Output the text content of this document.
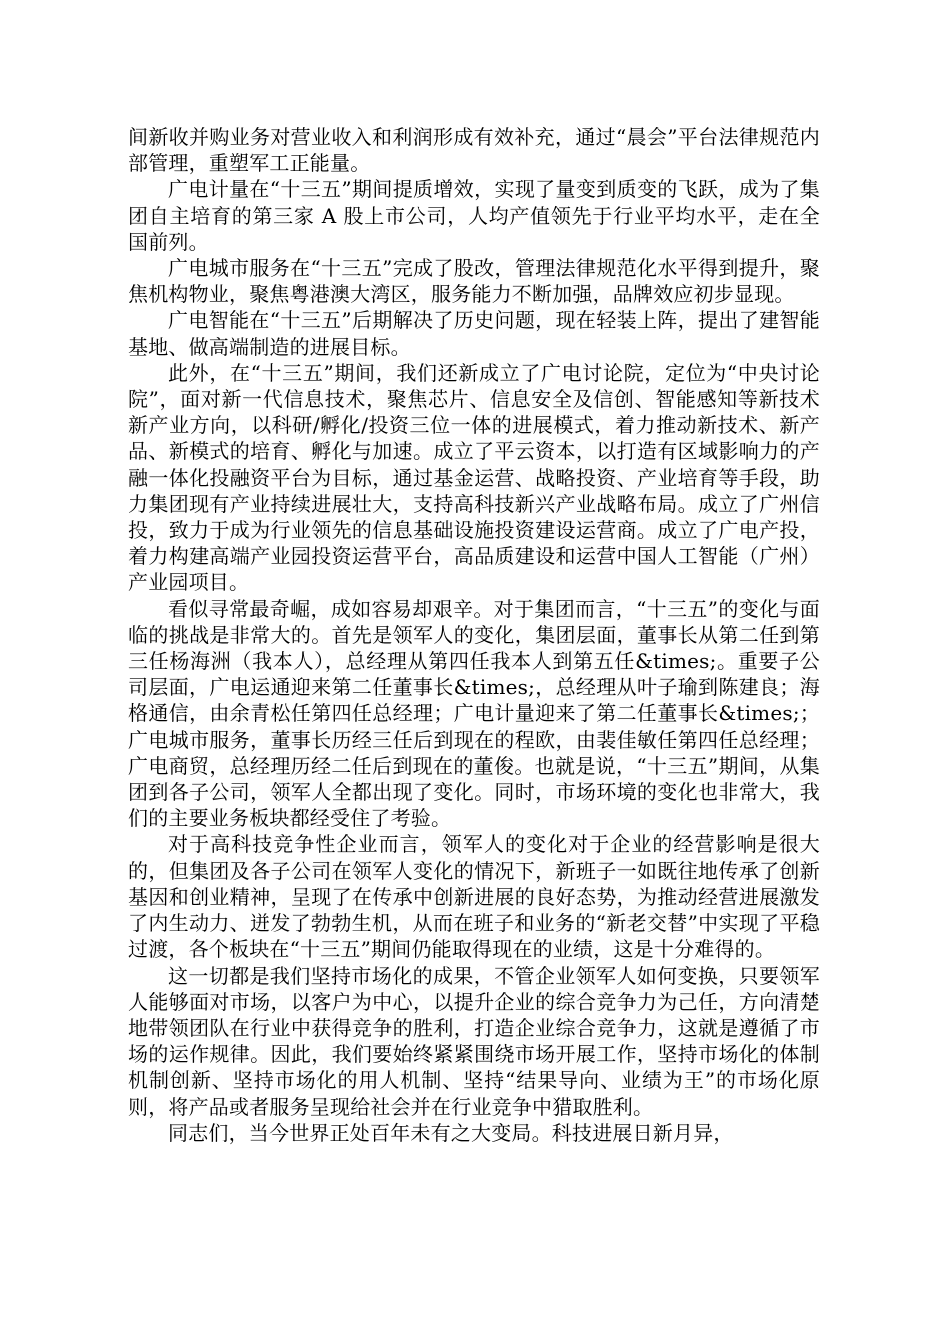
间新收并购业务对营业收入和利润形成有效补充，通过“晨会”平台法律规范内部管理，重塑军工正能量。

广电计量在“十三五”期间提质增效，实现了量变到质变的飞跃，成为了集团自主培育的第三家 A 股上市公司，人均产值领先于行业平均水平，走在全国前列。

广电城市服务在“十三五”完成了股改，管理法律规范化水平得到提升，聚焦机构物业，聚焦粤港澳大湾区，服务能力不断加强，品牌效应初步显现。

广电智能在“十三五”后期解决了历史问题，现在轻装上阵，提出了建智能基地、做高端制造的进展目标。

此外，在“十三五”期间，我们还新成立了广电讨论院，定位为“中央讨论院”，面对新一代信息技术，聚焦芯片、信息安全及信创、智能感知等新技术新产业方向，以科研/孵化/投资三位一体的进展模式，着力推动新技术、新产品、新模式的培育、孵化与加速。成立了平云资本，以打造有区域影响力的产融一体化投融资平台为目标，通过基金运营、战略投资、产业培育等手段，助力集团现有产业持续进展壮大，支持高科技新兴产业战略布局。成立了广州信投，致力于成为行业领先的信息基础设施投资建设运营商。成立了广电产投，着力构建高端产业园投资运营平台，高品质建设和运营中国人工智能（广州）产业园项目。

看似寻常最奇崛，成如容易却艰辛。对于集团而言，“十三五”的变化与面临的挑战是非常大的。首先是领军人的变化，集团层面，董事长从第二任到第三任杨海洲（我本人），总经理从第四任我本人到第五任&times;。重要子公司层面，广电运通迎来第二任董事长&times;，总经理从叶子瑜到陈建良；海格通信，由余青松任第四任总经理；广电计量迎来了第二任董事长&times;；广电城市服务，董事长历经三任后到现在的程欧，由裴佳敏任第四任总经理；广电商贸，总经理历经二任后到现在的董俊。也就是说，“十三五”期间，从集团到各子公司，领军人全都出现了变化。同时，市场环境的变化也非常大，我们的主要业务板块都经受住了考验。

对于高科技竞争性企业而言，领军人的变化对于企业的经营影响是很大的，但集团及各子公司在领军人变化的情况下，新班子一如既往地传承了创新基因和创业精神，呈现了在传承中创新进展的良好态势，为推动经营进展激发了内生动力、迸发了勃勃生机，从而在班子和业务的“新老交替”中实现了平稳过渡，各个板块在“十三五”期间仍能取得现在的业绩，这是十分难得的。

这一切都是我们坚持市场化的成果，不管企业领军人如何变换，只要领军人能够面对市场，以客户为中心，以提升企业的综合竞争力为己任，方向清楚地带领团队在行业中获得竞争的胜利，打造企业综合竞争力，这就是遵循了市场的运作规律。因此，我们要始终紧紧围绕市场开展工作，坚持市场化的体制机制创新、坚持市场化的用人机制、坚持“结果导向、业绩为王”的市场化原则，将产品或者服务呈现给社会并在行业竞争中猎取胜利。

同志们，当今世界正处百年未有之大变局。科技进展日新月异，
